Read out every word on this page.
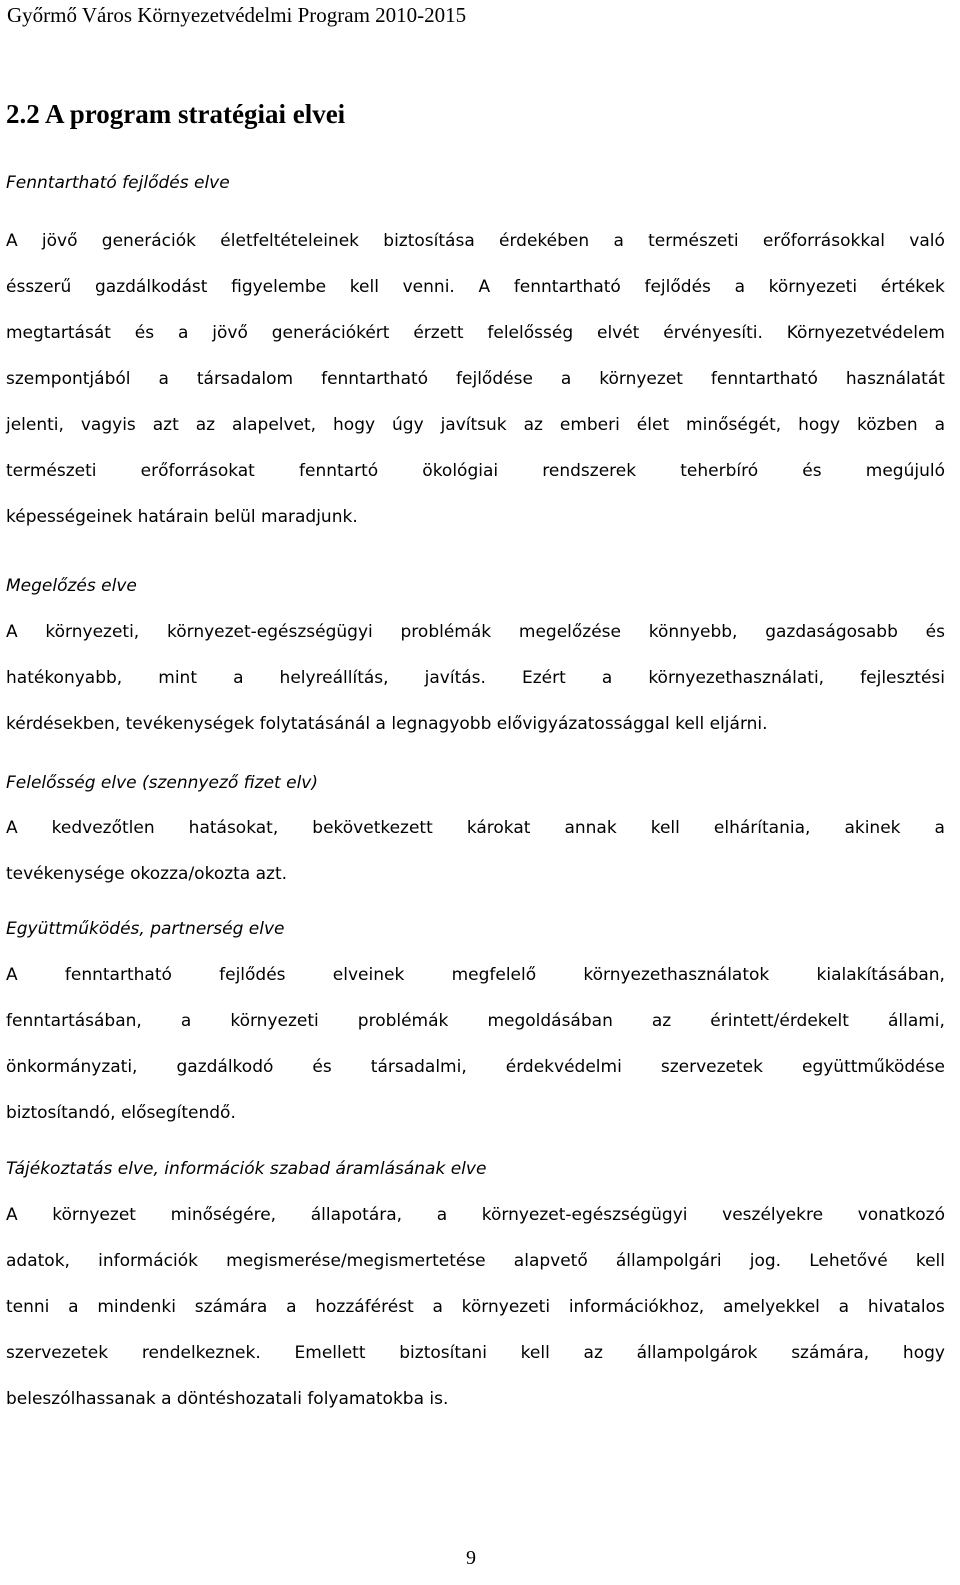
Győrmő Város Környezetvédelmi Program 2010-2015
2.2 A program stratégiai elvei
Fenntartható fejlődés elve
A jövő generációk életfeltételeinek biztosítása érdekében a természeti erőforrásokkal való
ésszerű gazdálkodást figyelembe kell venni. A fenntartható fejlődés a környezeti értékek
megtartását és a jövő generációkért érzett felelősség elvét érvényesíti. Környezetvédelem
szempontjából a társadalom fenntartható fejlődése a környezet fenntartható használatát
jelenti, vagyis azt az alapelvet, hogy úgy javítsuk az emberi élet minőségét, hogy közben a
természeti	erőforrásokat	fenntartó	ökológiai	rendszerek	teherbíró	és	megújuló
képességeinek határain belül maradjunk.
Megelőzés elve
A környezeti, környezet-egészségügyi problémák megelőzése könnyebb, gazdaságosabb és
hatékonyabb, mint a helyreállítás, javítás. Ezért a környezethasználati, fejlesztési
kérdésekben, tevékenységek folytatásánál a legnagyobb elővigyázatossággal kell eljárni.
Felelősség elve (szennyező fizet elv)
A kedvezőtlen hatásokat, bekövetkezett károkat annak kell elhárítania, akinek a
tevékenysége okozza/okozta azt.
Együttműködés, partnerség elve
A	fenntartható	fejlődés	elveinek	megfelelő	környezethasználatok	kialakításában,
fenntartásában, a környezeti problémák megoldásában az érintett/érdekelt állami,
önkormányzati, gazdálkodó és társadalmi, érdekvédelmi szervezetek együttműködése
biztosítandó, elősegítendő.
Tájékoztatás elve, információk szabad áramlásának elve
A környezet minőségére, állapotára, a környezet-egészségügyi veszélyekre vonatkozó
adatok, információk megismerése/megismertetése alapvető állampolgári jog. Lehetővé kell
tenni a mindenki számára a hozzáférést a környezeti információkhoz, amelyekkel a hivatalos
szervezetek rendelkeznek. Emellett biztosítani kell az állampolgárok számára, hogy
beleszólhassanak a döntéshozatali folyamatokba is.
9
